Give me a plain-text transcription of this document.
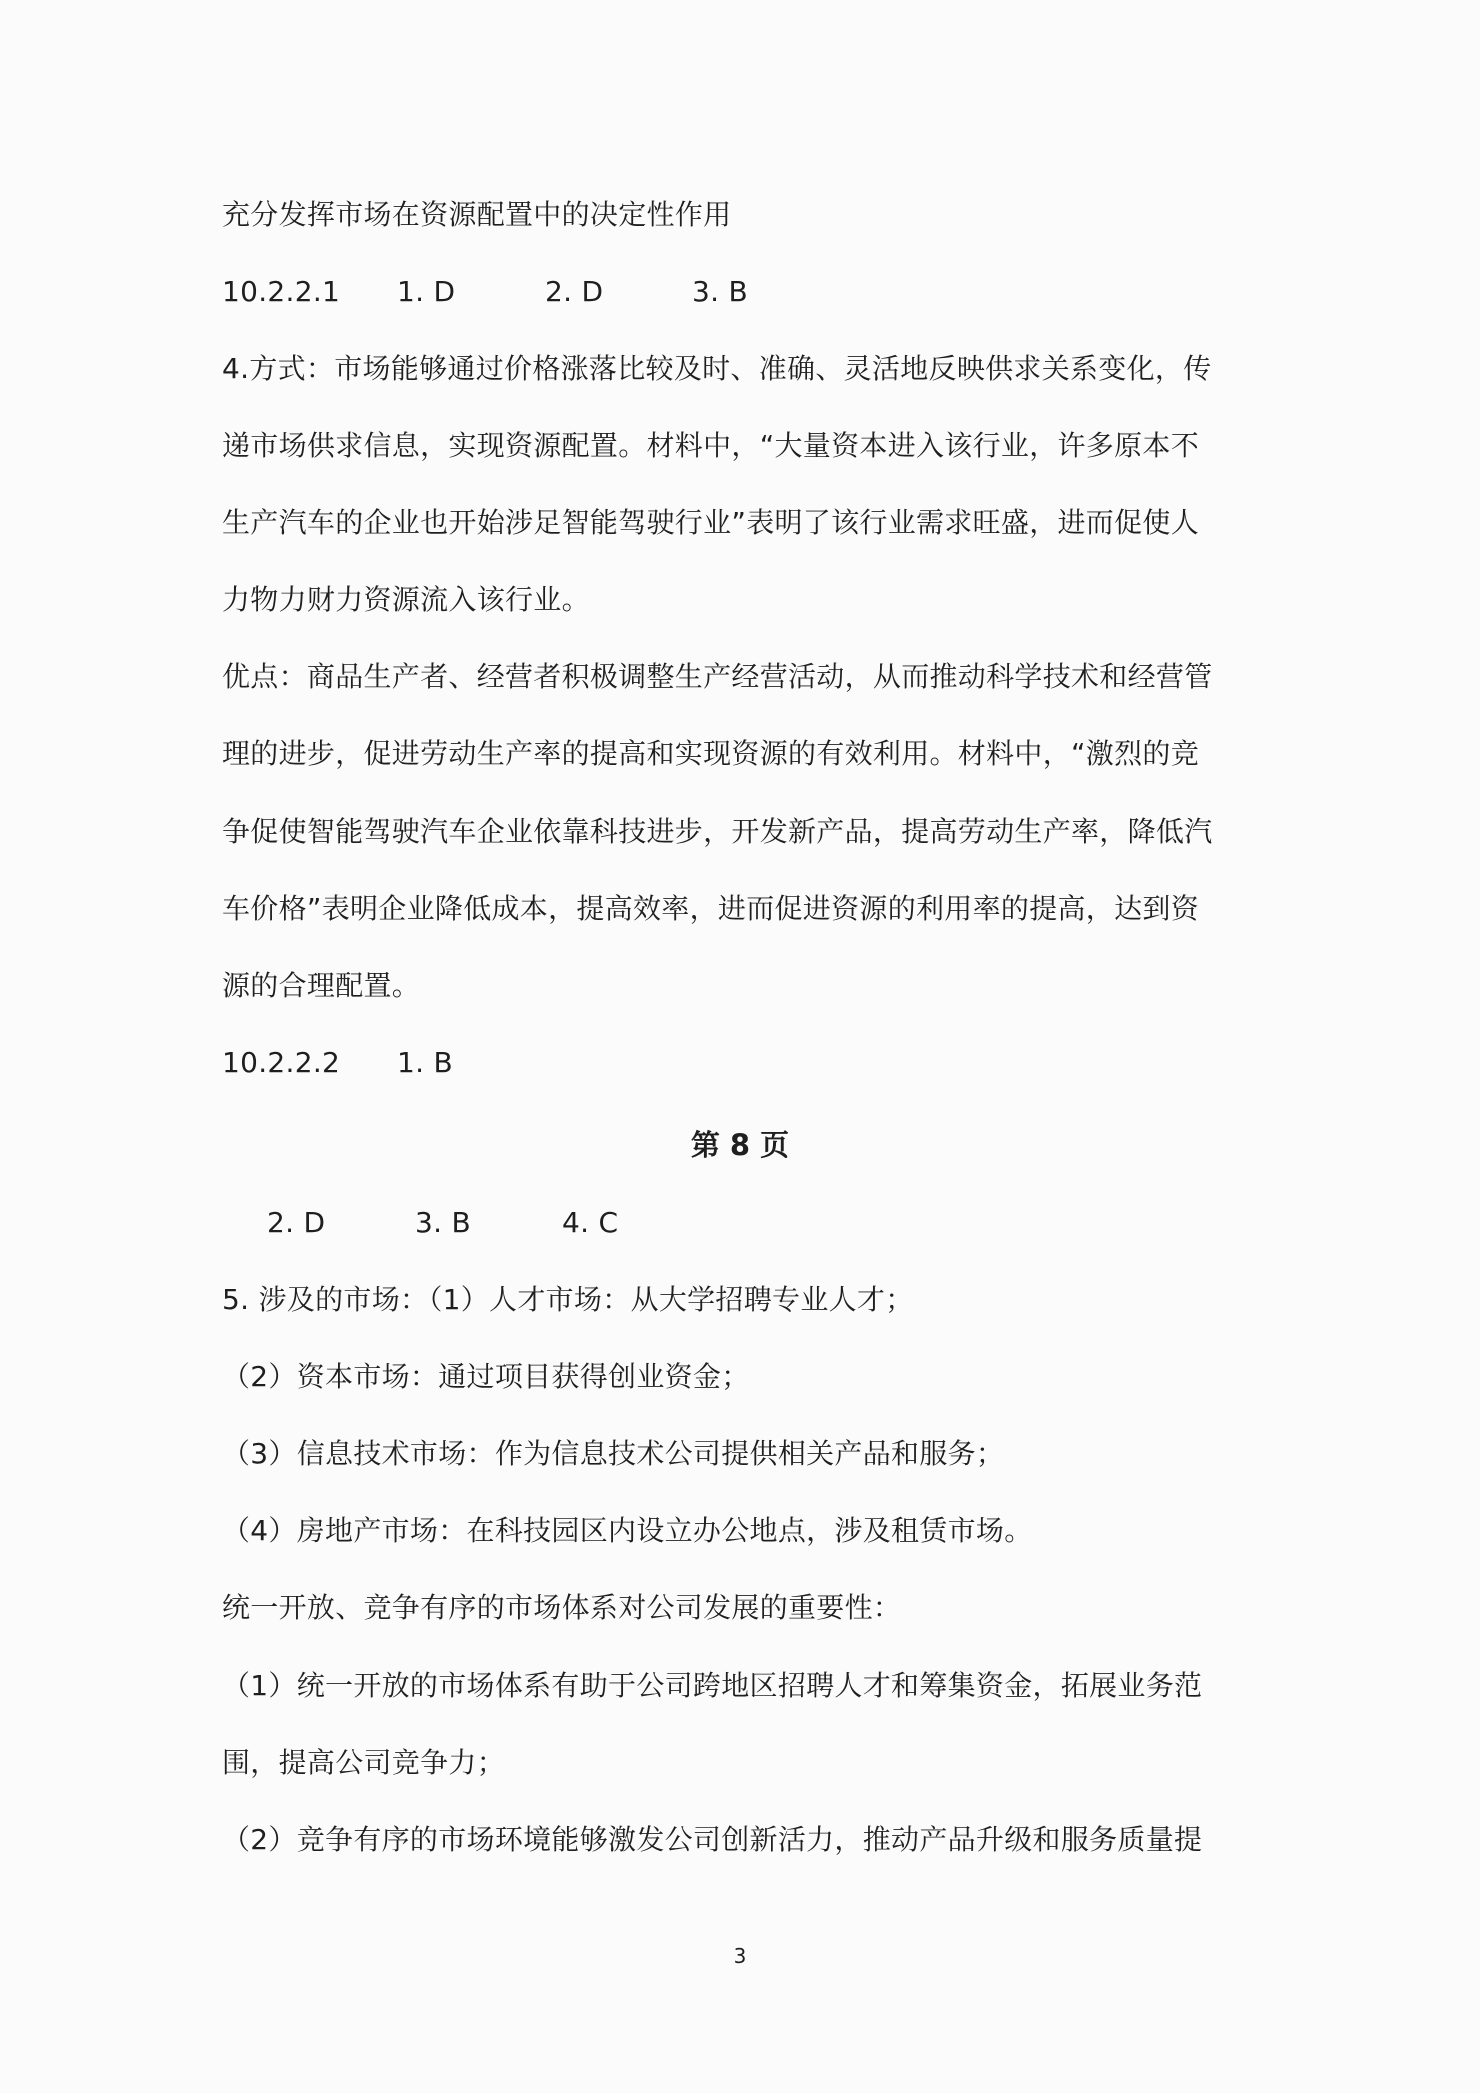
充分发挥市场在资源配置中的决定性作用
10.2.2.1 1. D	2. D	3. B
4.方式：市场能够通过价格涨落比较及时、准确、灵活地反映供求关系变化，传
递市场供求信息，实现资源配置。材料中，“大量资本进入该行业，许多原本不
生产汽车的企业也开始涉足智能驾驶行业”表明了该行业需求旺盛，进而促使人
力物力财力资源流入该行业。
优点：商品生产者、经营者积极调整生产经营活动，从而推动科学技术和经营管
理的进步，促进劳动生产率的提高和实现资源的有效利用。材料中，“激烈的竞
争促使智能驾驶汽车企业依靠科技进步，开发新产品，提高劳动生产率，降低汽
车价格”表明企业降低成本，提高效率，进而促进资源的利用率的提高，达到资
源的合理配置。
10.2.2.2 1. B
第 8 页
2. D	3. B	4. C
5. 涉及的市场：（1）人才市场：从大学招聘专业人才；
（2）资本市场：通过项目获得创业资金；
（3）信息技术市场：作为信息技术公司提供相关产品和服务；
（4）房地产市场：在科技园区内设立办公地点，涉及租赁市场。
统一开放、竞争有序的市场体系对公司发展的重要性：
（1）统一开放的市场体系有助于公司跨地区招聘人才和筹集资金，拓展业务范
围，提高公司竞争力；
（2）竞争有序的市场环境能够激发公司创新活力，推动产品升级和服务质量提
3
